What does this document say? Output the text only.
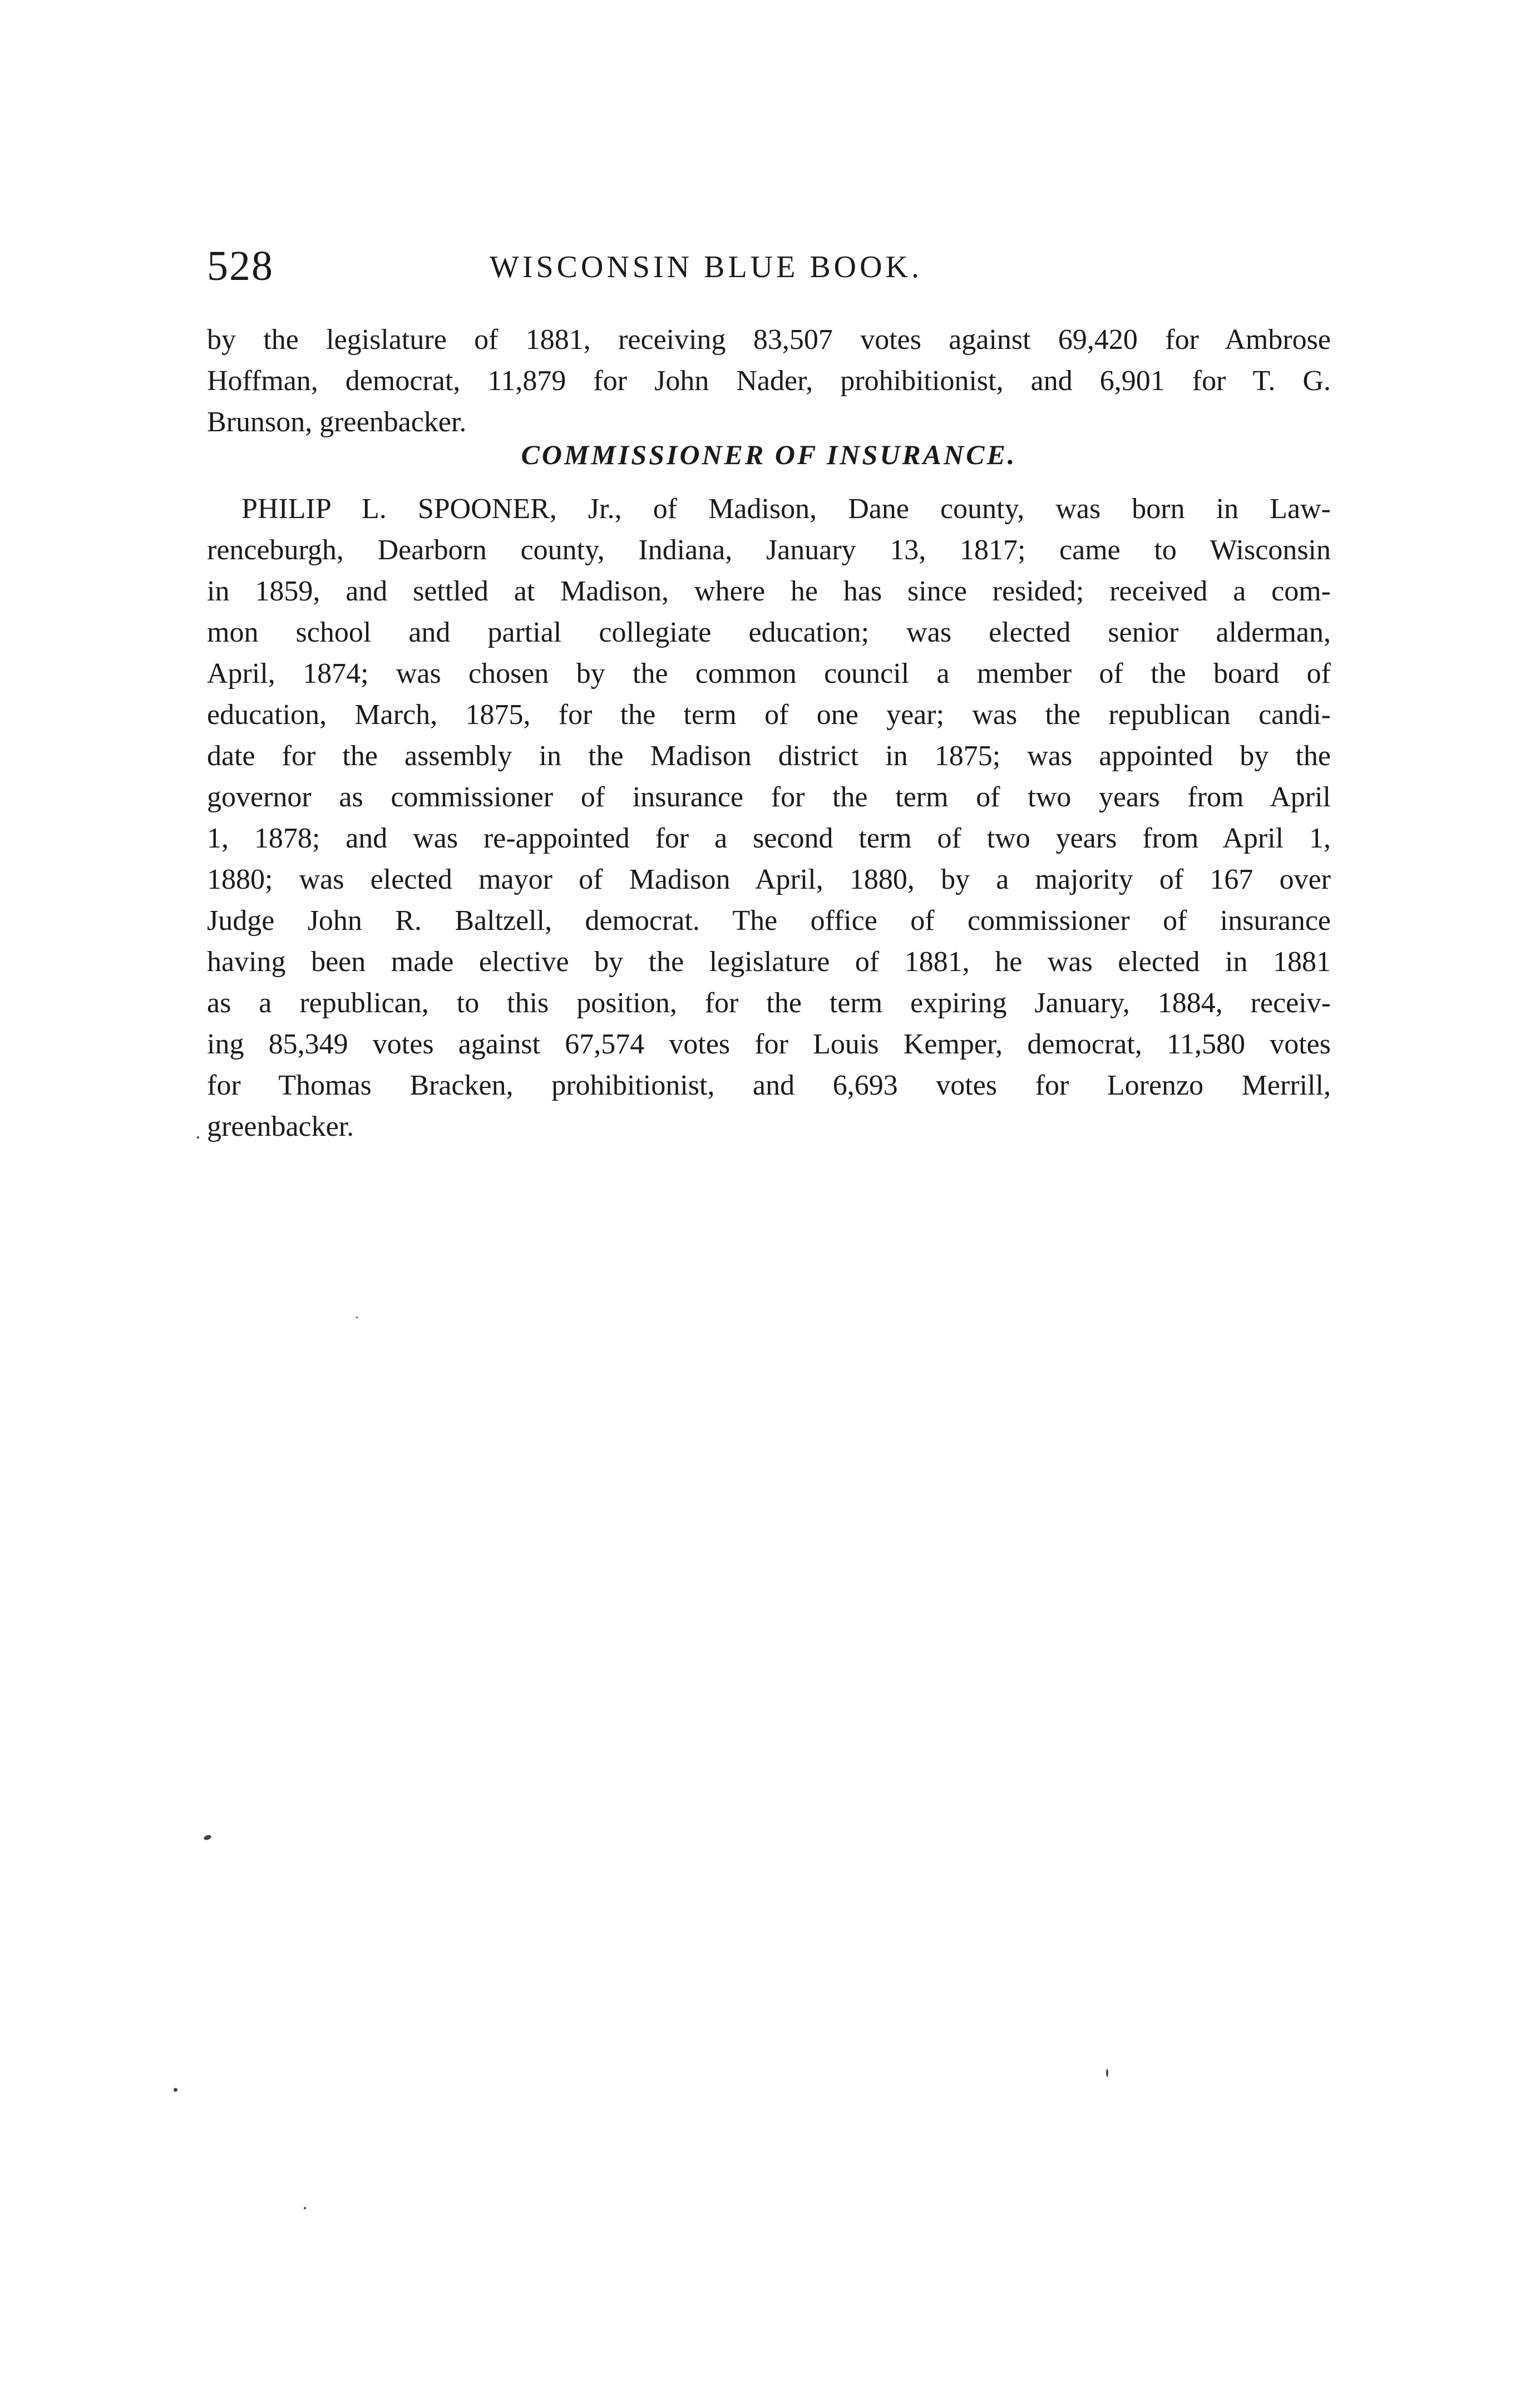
528	WISCONSIN BLUE BOOK.
by the legislature of 1881, receiving 83,507 votes against 69,420 for Ambrose
Hoffman, democrat, 11,879 for John Nader, prohibitionist, and 6,901 for T. G.
Brunson, greenbacker.
COMMISSIONER OF INSURANCE.
PHILIP L. SPOONER, Jr., of Madison, Dane county, was born in Law-
renceburgh, Dearborn county, Indiana, January 13, 1817; came to Wisconsin
in 1859, and settled at Madison, where he has since resided; received a com-
mon school and partial collegiate education; was elected senior alderman,
April, 1874; was chosen by the common council a member of the board of
education, March, 1875, for the term of one year; was the republican candi-
date for the assembly in the Madison district in 1875; was appointed by the
governor as commissioner of insurance for the term of two years from April
1, 1878; and was re-appointed for a second term of two years from April 1,
1880; was elected mayor of Madison April, 1880, by a majority of 167 over
Judge John R. Baltzell, democrat. The office of commissioner of insurance
having been made elective by the legislature of 1881, he was elected in 1881
as a republican, to this position, for the term expiring January, 1884, receiv-
ing 85,349 votes against 67,574 votes for Louis Kemper, democrat, 11,580 votes
for Thomas Bracken, prohibitionist, and 6,693 votes for Lorenzo Merrill,
greenbacker.
